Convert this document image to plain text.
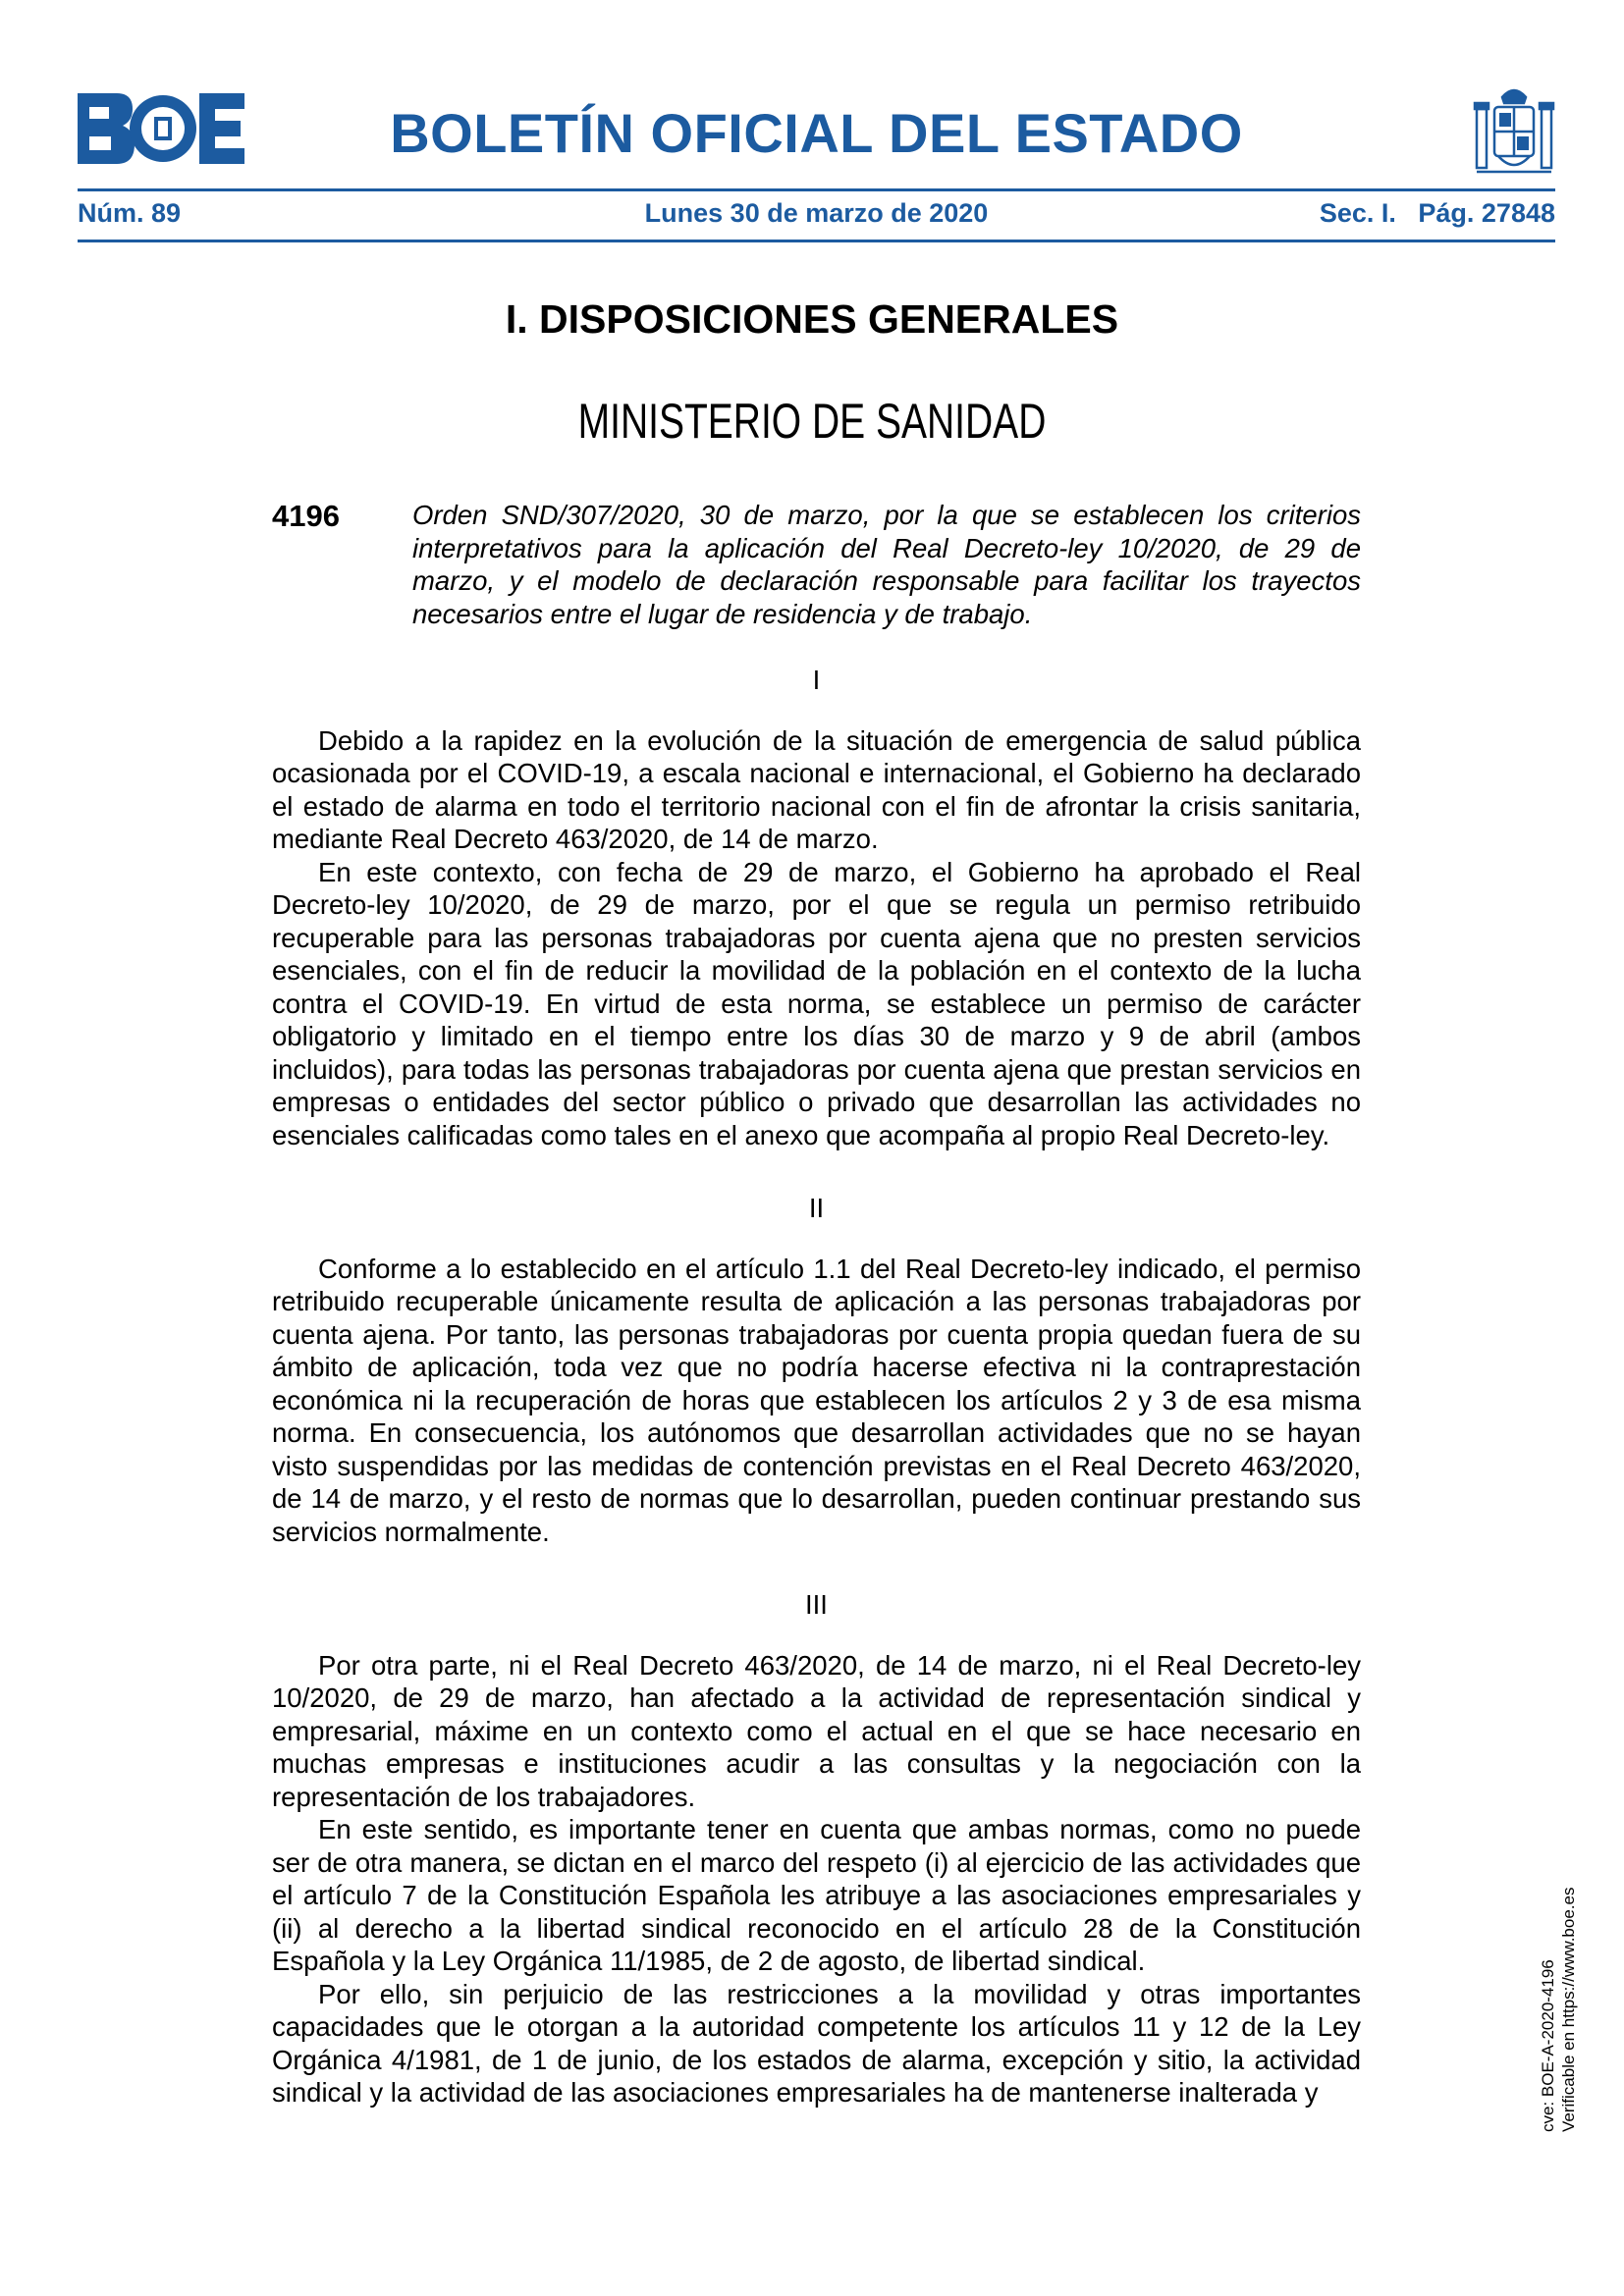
BOLETÍN OFICIAL DEL ESTADO
Núm. 89	Lunes 30 de marzo de 2020	Sec. I. Pág. 27848
I. DISPOSICIONES GENERALES
MINISTERIO DE SANIDAD
4196	Orden SND/307/2020, 30 de marzo, por la que se establecen los criterios interpretativos para la aplicación del Real Decreto-ley 10/2020, de 29 de marzo, y el modelo de declaración responsable para facilitar los trayectos necesarios entre el lugar de residencia y de trabajo.
I

Debido a la rapidez en la evolución de la situación de emergencia de salud pública ocasionada por el COVID-19, a escala nacional e internacional, el Gobierno ha declarado el estado de alarma en todo el territorio nacional con el fin de afrontar la crisis sanitaria, mediante Real Decreto 463/2020, de 14 de marzo.

En este contexto, con fecha de 29 de marzo, el Gobierno ha aprobado el Real Decreto-ley 10/2020, de 29 de marzo, por el que se regula un permiso retribuido recuperable para las personas trabajadoras por cuenta ajena que no presten servicios esenciales, con el fin de reducir la movilidad de la población en el contexto de la lucha contra el COVID-19. En virtud de esta norma, se establece un permiso de carácter obligatorio y limitado en el tiempo entre los días 30 de marzo y 9 de abril (ambos incluidos), para todas las personas trabajadoras por cuenta ajena que prestan servicios en empresas o entidades del sector público o privado que desarrollan las actividades no esenciales calificadas como tales en el anexo que acompaña al propio Real Decreto-ley.

II

Conforme a lo establecido en el artículo 1.1 del Real Decreto-ley indicado, el permiso retribuido recuperable únicamente resulta de aplicación a las personas trabajadoras por cuenta ajena. Por tanto, las personas trabajadoras por cuenta propia quedan fuera de su ámbito de aplicación, toda vez que no podría hacerse efectiva ni la contraprestación económica ni la recuperación de horas que establecen los artículos 2 y 3 de esa misma norma. En consecuencia, los autónomos que desarrollan actividades que no se hayan visto suspendidas por las medidas de contención previstas en el Real Decreto 463/2020, de 14 de marzo, y el resto de normas que lo desarrollan, pueden continuar prestando sus servicios normalmente.

III

Por otra parte, ni el Real Decreto 463/2020, de 14 de marzo, ni el Real Decreto-ley 10/2020, de 29 de marzo, han afectado a la actividad de representación sindical y empresarial, máxime en un contexto como el actual en el que se hace necesario en muchas empresas e instituciones acudir a las consultas y la negociación con la representación de los trabajadores.

En este sentido, es importante tener en cuenta que ambas normas, como no puede ser de otra manera, se dictan en el marco del respeto (i) al ejercicio de las actividades que el artículo 7 de la Constitución Española les atribuye a las asociaciones empresariales y (ii) al derecho a la libertad sindical reconocido en el artículo 28 de la Constitución Española y la Ley Orgánica 11/1985, de 2 de agosto, de libertad sindical.

Por ello, sin perjuicio de las restricciones a la movilidad y otras importantes capacidades que le otorgan a la autoridad competente los artículos 11 y 12 de la Ley Orgánica 4/1981, de 1 de junio, de los estados de alarma, excepción y sitio, la actividad sindical y la actividad de las asociaciones empresariales ha de mantenerse inalterada y	cve: BOE-A-2020-4196 Verificable en https://www.boe.es
